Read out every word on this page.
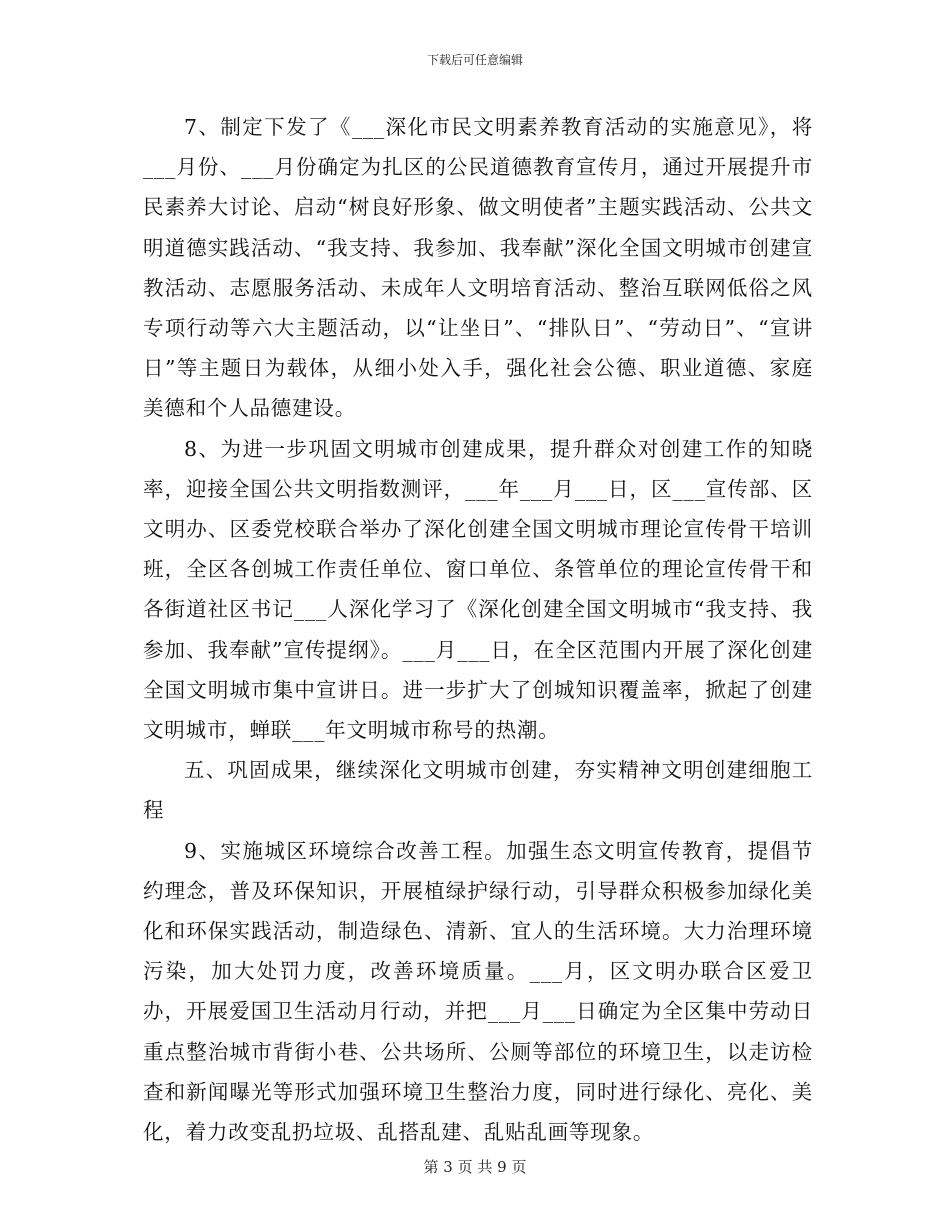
下载后可任意编辑

7、制定下发了《___深化市民文明素养教育活动的实施意见》，将___月份、___月份确定为扎区的公民道德教育宣传月，通过开展提升市民素养大讨论、启动“树良好形象、做文明使者”主题实践活动、公共文明道德实践活动、“我支持、我参加、我奉献”深化全国文明城市创建宣教活动、志愿服务活动、未成年人文明培育活动、整治互联网低俗之风专项行动等六大主题活动，以“让坐日”、“排队日”、“劳动日”、“宣讲日”等主题日为载体，从细小处入手，强化社会公德、职业道德、家庭美德和个人品德建设。

8、为进一步巩固文明城市创建成果，提升群众对创建工作的知晓率，迎接全国公共文明指数测评，___年___月___日，区___宣传部、区文明办、区委党校联合举办了深化创建全国文明城市理论宣传骨干培训班，全区各创城工作责任单位、窗口单位、条管单位的理论宣传骨干和各街道社区书记___人深化学习了《深化创建全国文明城市“我支持、我参加、我奉献”宣传提纲》。___月___日，在全区范围内开展了深化创建全国文明城市集中宣讲日。进一步扩大了创城知识覆盖率，掀起了创建文明城市，蝉联___年文明城市称号的热潮。

五、巩固成果，继续深化文明城市创建，夯实精神文明创建细胞工程

9、实施城区环境综合改善工程。加强生态文明宣传教育，提倡节约理念，普及环保知识，开展植绿护绿行动，引导群众积极参加绿化美化和环保实践活动，制造绿色、清新、宜人的生活环境。大力治理环境污染，加大处罚力度，改善环境质量。___月，区文明办联合区爱卫办，开展爱国卫生活动月行动，并把___月___日确定为全区集中劳动日重点整治城市背街小巷、公共场所、公厕等部位的环境卫生，以走访检查和新闻曝光等形式加强环境卫生整治力度，同时进行绿化、亮化、美化，着力改变乱扔垃圾、乱搭乱建、乱贴乱画等现象。

第 3 页 共 9 页
